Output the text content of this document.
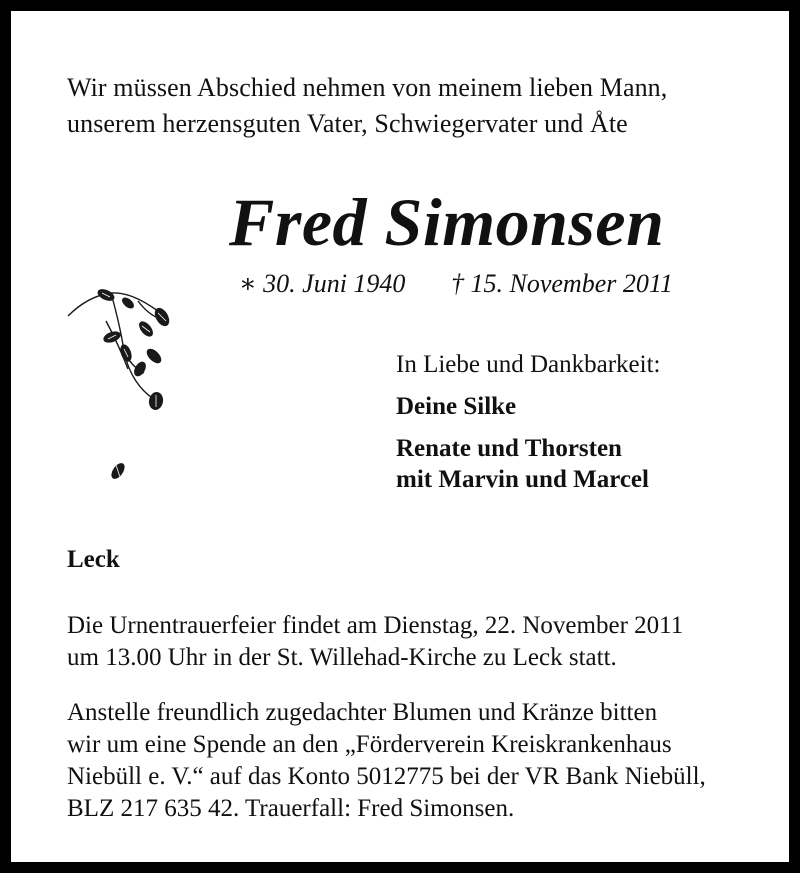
Wir müssen Abschied nehmen von meinem lieben Mann,

unserem herzensguten Vater, Schwiegervater und Åte

Fred Simonsen

∗ 30. Juni 1940 † 15. November 2011

In Liebe und Dankbarkeit:

Deine Silke

Renate und Thorsten

mit Marvin und Marcel

Leck

Die Urnentrauerfeier findet am Dienstag, 22. November 2011

um 13.00 Uhr in der St. Willehad-Kirche zu Leck statt.

Anstelle freundlich zugedachter Blumen und Kränze bitten

wir um eine Spende an den „Förderverein Kreiskrankenhaus

Niebüll e. V.“ auf das Konto 5012775 bei der VR Bank Niebüll,

BLZ 217 635 42. Trauerfall: Fred Simonsen.
